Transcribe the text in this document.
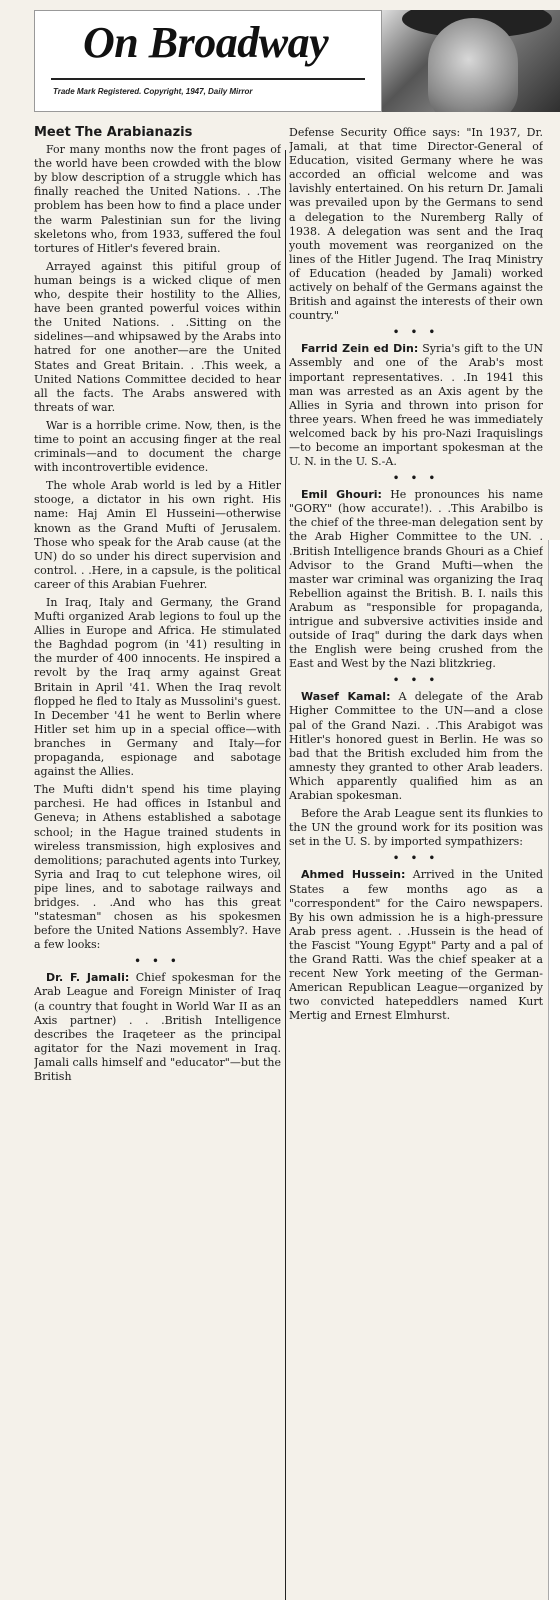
On Broadway
Trade Mark Registered. Copyright, 1947, Daily Mirror
Meet The Arabianazis

For many months now the front pages of the world have been crowded with the blow by blow description of a struggle which has finally reached the United Nations. . .The problem has been how to find a place under the warm Palestinian sun for the living skeletons who, from 1933, suffered the foul tortures of Hitler's fevered brain.

Arrayed against this pitiful group of human beings is a wicked clique of men who, despite their hostility to the Allies, have been granted powerful voices within the United Nations. . .Sitting on the sidelines—and whipsawed by the Arabs into hatred for one another—are the United States and Great Britain. . .This week, a United Nations Committee decided to hear all the facts. The Arabs answered with threats of war.

War is a horrible crime. Now, then, is the time to point an accusing finger at the real criminals—and to document the charge with incontrovertible evidence.

The whole Arab world is led by a Hitler stooge, a dictator in his own right. His name: Haj Amin El Husseini—otherwise known as the Grand Mufti of Jerusalem. Those who speak for the Arab cause (at the UN) do so under his direct supervision and control. . .Here, in a capsule, is the political career of this Arabian Fuehrer.

In Iraq, Italy and Germany, the Grand Mufti organized Arab legions to foul up the Allies in Europe and Africa. He stimulated the Baghdad pogrom (in '41) resulting in the murder of 400 innocents. He inspired a revolt by the Iraq army against Great Britain in April '41. When the Iraq revolt flopped he fled to Italy as Mussolini's guest. In December '41 he went to Berlin where Hitler set him up in a special office—with branches in Germany and Italy—for propaganda, espionage and sabotage against the Allies.

The Mufti didn't spend his time playing parchesi. He had offices in Istanbul and Geneva; in Athens established a sabotage school; in the Hague trained students in wireless transmission, high explosives and demolitions; parachuted agents into Turkey, Syria and Iraq to cut telephone wires, oil pipe lines, and to sabotage railways and bridges. . .And who has this great "statesman" chosen as his spokesmen before the United Nations Assembly?. Have a few looks:

• • •

Dr. F. Jamali: Chief spokesman for the Arab League and Foreign Minister of Iraq (a country that fought in World War II as an Axis partner) . . .British Intelligence describes the Iraqeteer as the principal agitator for the Nazi movement in Iraq. Jamali calls himself and "educator"—but the British

Defense Security Office says: "In 1937, Dr. Jamali, at that time Director-General of Education, visited Germany where he was accorded an official welcome and was lavishly entertained. On his return Dr. Jamali was prevailed upon by the Germans to send a delegation to the Nuremberg Rally of 1938. A delegation was sent and the Iraq youth movement was reorganized on the lines of the Hitler Jugend. The Iraq Ministry of Education (headed by Jamali) worked actively on behalf of the Germans against the British and against the interests of their own country."

• • •

Farrid Zein ed Din: Syria's gift to the UN Assembly and one of the Arab's most important representatives. . .In 1941 this man was arrested as an Axis agent by the Allies in Syria and thrown into prison for three years. When freed he was immediately welcomed back by his pro-Nazi Iraquislings—to become an important spokesman at the U. N. in the U. S.-A.

• • •

Emil Ghouri: He pronounces his name "GORY" (how accurate!). . .This Arabilbo is the chief of the three-man delegation sent by the Arab Higher Committee to the UN. . .British Intelligence brands Ghouri as a Chief Advisor to the Grand Mufti—when the master war criminal was organizing the Iraq Rebellion against the British. B. I. nails this Arabum as "responsible for propaganda, intrigue and subversive activities inside and outside of Iraq" during the dark days when the English were being crushed from the East and West by the Nazi blitzkrieg.

• • •

Wasef Kamal: A delegate of the Arab Higher Committee to the UN—and a close pal of the Grand Nazi. . .This Arabigot was Hitler's honored guest in Berlin. He was so bad that the British excluded him from the amnesty they granted to other Arab leaders. Which apparently qualified him as an Arabian spokesman.

Before the Arab League sent its flunkies to the UN the ground work for its position was set in the U. S. by imported sympathizers:

• • •

Ahmed Hussein: Arrived in the United States a few months ago as a "correspondent" for the Cairo newspapers. By his own admission he is a high-pressure Arab press agent. . .Hussein is the head of the Fascist "Young Egypt" Party and a pal of the Grand Ratti. Was the chief speaker at a recent New York meeting of the German-American Republican League—organized by two convicted hatepeddlers named Kurt Mertig and Ernest Elmhurst.
